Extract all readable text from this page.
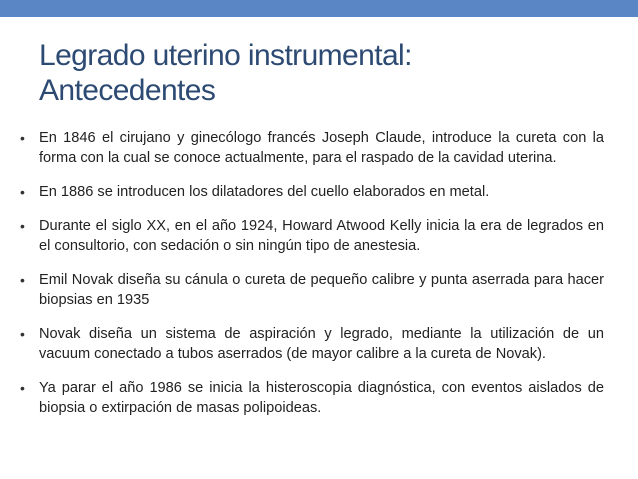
Legrado uterino instrumental:
Antecedentes
• En 1846 el cirujano y ginecólogo francés Joseph Claude, introduce la cureta con la forma con la cual se conoce actualmente, para el raspado de la cavidad uterina.
• En 1886 se introducen los dilatadores del cuello elaborados en metal.
• Durante el siglo XX, en el año 1924, Howard Atwood Kelly inicia la era de legrados en el consultorio, con sedación o sin ningún tipo de anestesia.
• Emil Novak diseña su cánula o cureta de pequeño calibre y punta aserrada para hacer biopsias en 1935
• Novak diseña un sistema de aspiración y legrado, mediante la utilización de un vacuum conectado a tubos aserrados (de mayor calibre a la cureta de Novak).
• Ya parar el año 1986 se inicia la histeroscopia diagnóstica, con eventos aislados de biopsia o extirpación de masas polipoideas.
